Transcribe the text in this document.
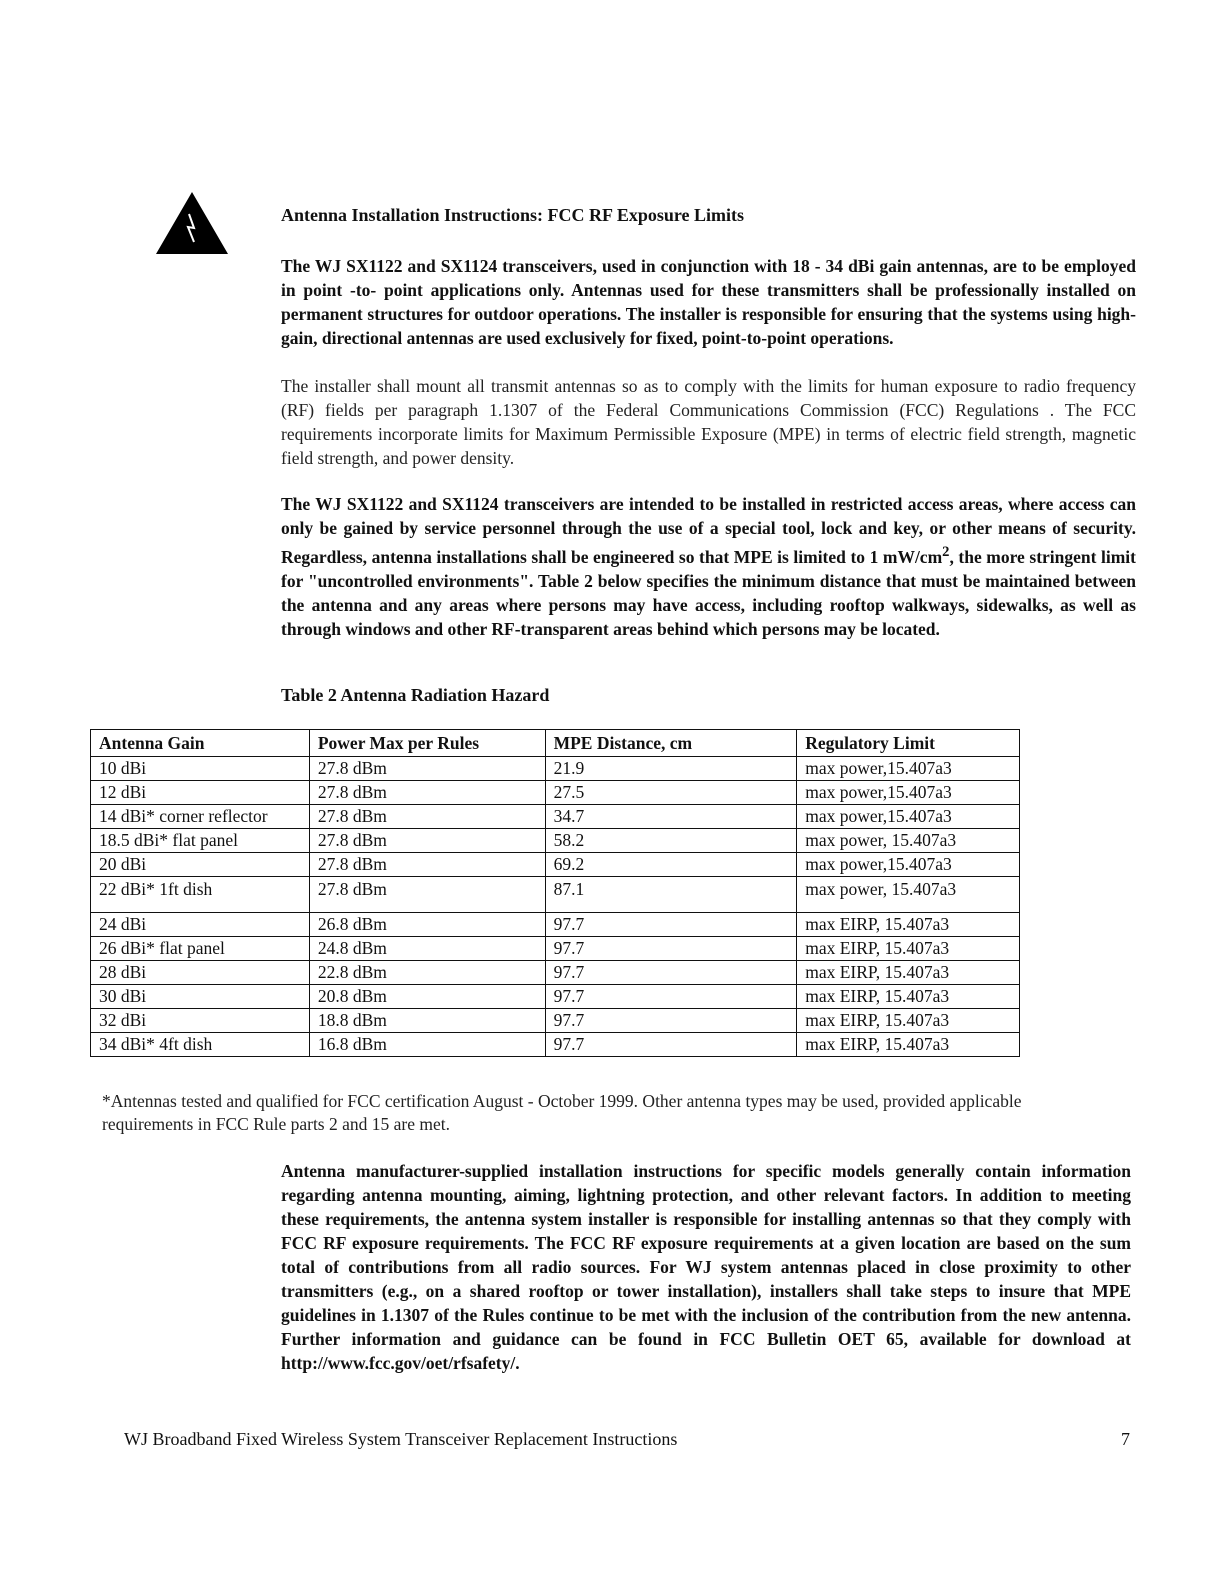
Antenna Installation Instructions: FCC RF Exposure Limits

The WJ SX1122 and SX1124 transceivers, used in conjunction with 18 - 34 dBi gain antennas, are to be employed in point -to- point applications only. Antennas used for these transmitters shall be professionally installed on permanent structures for outdoor operations. The installer is responsible for ensuring that the systems using high-gain, directional antennas are used exclusively for fixed, point-to-point operations.

The installer shall mount all transmit antennas so as to comply with the limits for human exposure to radio frequency (RF) fields per paragraph 1.1307 of the Federal Communications Commission (FCC) Regulations . The FCC requirements incorporate limits for Maximum Permissible Exposure (MPE) in terms of electric field strength, magnetic field strength, and power density.

The WJ SX1122 and SX1124 transceivers are intended to be installed in restricted access areas, where access can only be gained by service personnel through the use of a special tool, lock and key, or other means of security. Regardless, antenna installations shall be engineered so that MPE is limited to 1 $mW/cm^2$, the more stringent limit for "uncontrolled environments". Table 2 below specifies the minimum distance that must be maintained between the antenna and any areas where persons may have access, including rooftop walkways, sidewalks, as well as through windows and other RF-transparent areas behind which persons may be located.

Table 2 Antenna Radiation Hazard
Antenna Gain	Power Max per Rules	MPE Distance, cm	Regulatory Limit
10 dBi	27.8 dBm	21.9	max power,15.407a3
12 dBi	27.8 dBm	27.5	max power,15.407a3
14 dBi* corner reflector	27.8 dBm	34.7	max power,15.407a3
18.5 dBi* flat panel	27.8 dBm	58.2	max power, 15.407a3
20 dBi	27.8 dBm	69.2	max power,15.407a3
22 dBi* 1ft dish	27.8 dBm	87.1	max power, 15.407a3
24 dBi	26.8 dBm	97.7	max EIRP, 15.407a3
26 dBi* flat panel	24.8 dBm	97.7	max EIRP, 15.407a3
28 dBi	22.8 dBm	97.7	max EIRP, 15.407a3
30 dBi	20.8 dBm	97.7	max EIRP, 15.407a3
32 dBi	18.8 dBm	97.7	max EIRP, 15.407a3
34 dBi* 4ft dish	16.8 dBm	97.7	max EIRP, 15.407a3

*Antennas tested and qualified for FCC certification August - October 1999. Other antenna types may be used, provided applicable requirements in FCC Rule parts 2 and 15 are met.

Antenna manufacturer-supplied installation instructions for specific models generally contain information regarding antenna mounting, aiming, lightning protection, and other relevant factors. In addition to meeting these requirements, the antenna system installer is responsible for installing antennas so that they comply with FCC RF exposure requirements. The FCC RF exposure requirements at a given location are based on the sum total of contributions from all radio sources. For WJ system antennas placed in close proximity to other transmitters (e.g., on a shared rooftop or tower installation), installers shall take steps to insure that MPE guidelines in 1.1307 of the Rules continue to be met with the inclusion of the contribution from the new antenna. Further information and guidance can be found in FCC Bulletin OET 65, available for download at http://www.fcc.gov/oet/rfsafety/.

WJ Broadband Fixed Wireless System Transceiver Replacement Instructions	7
